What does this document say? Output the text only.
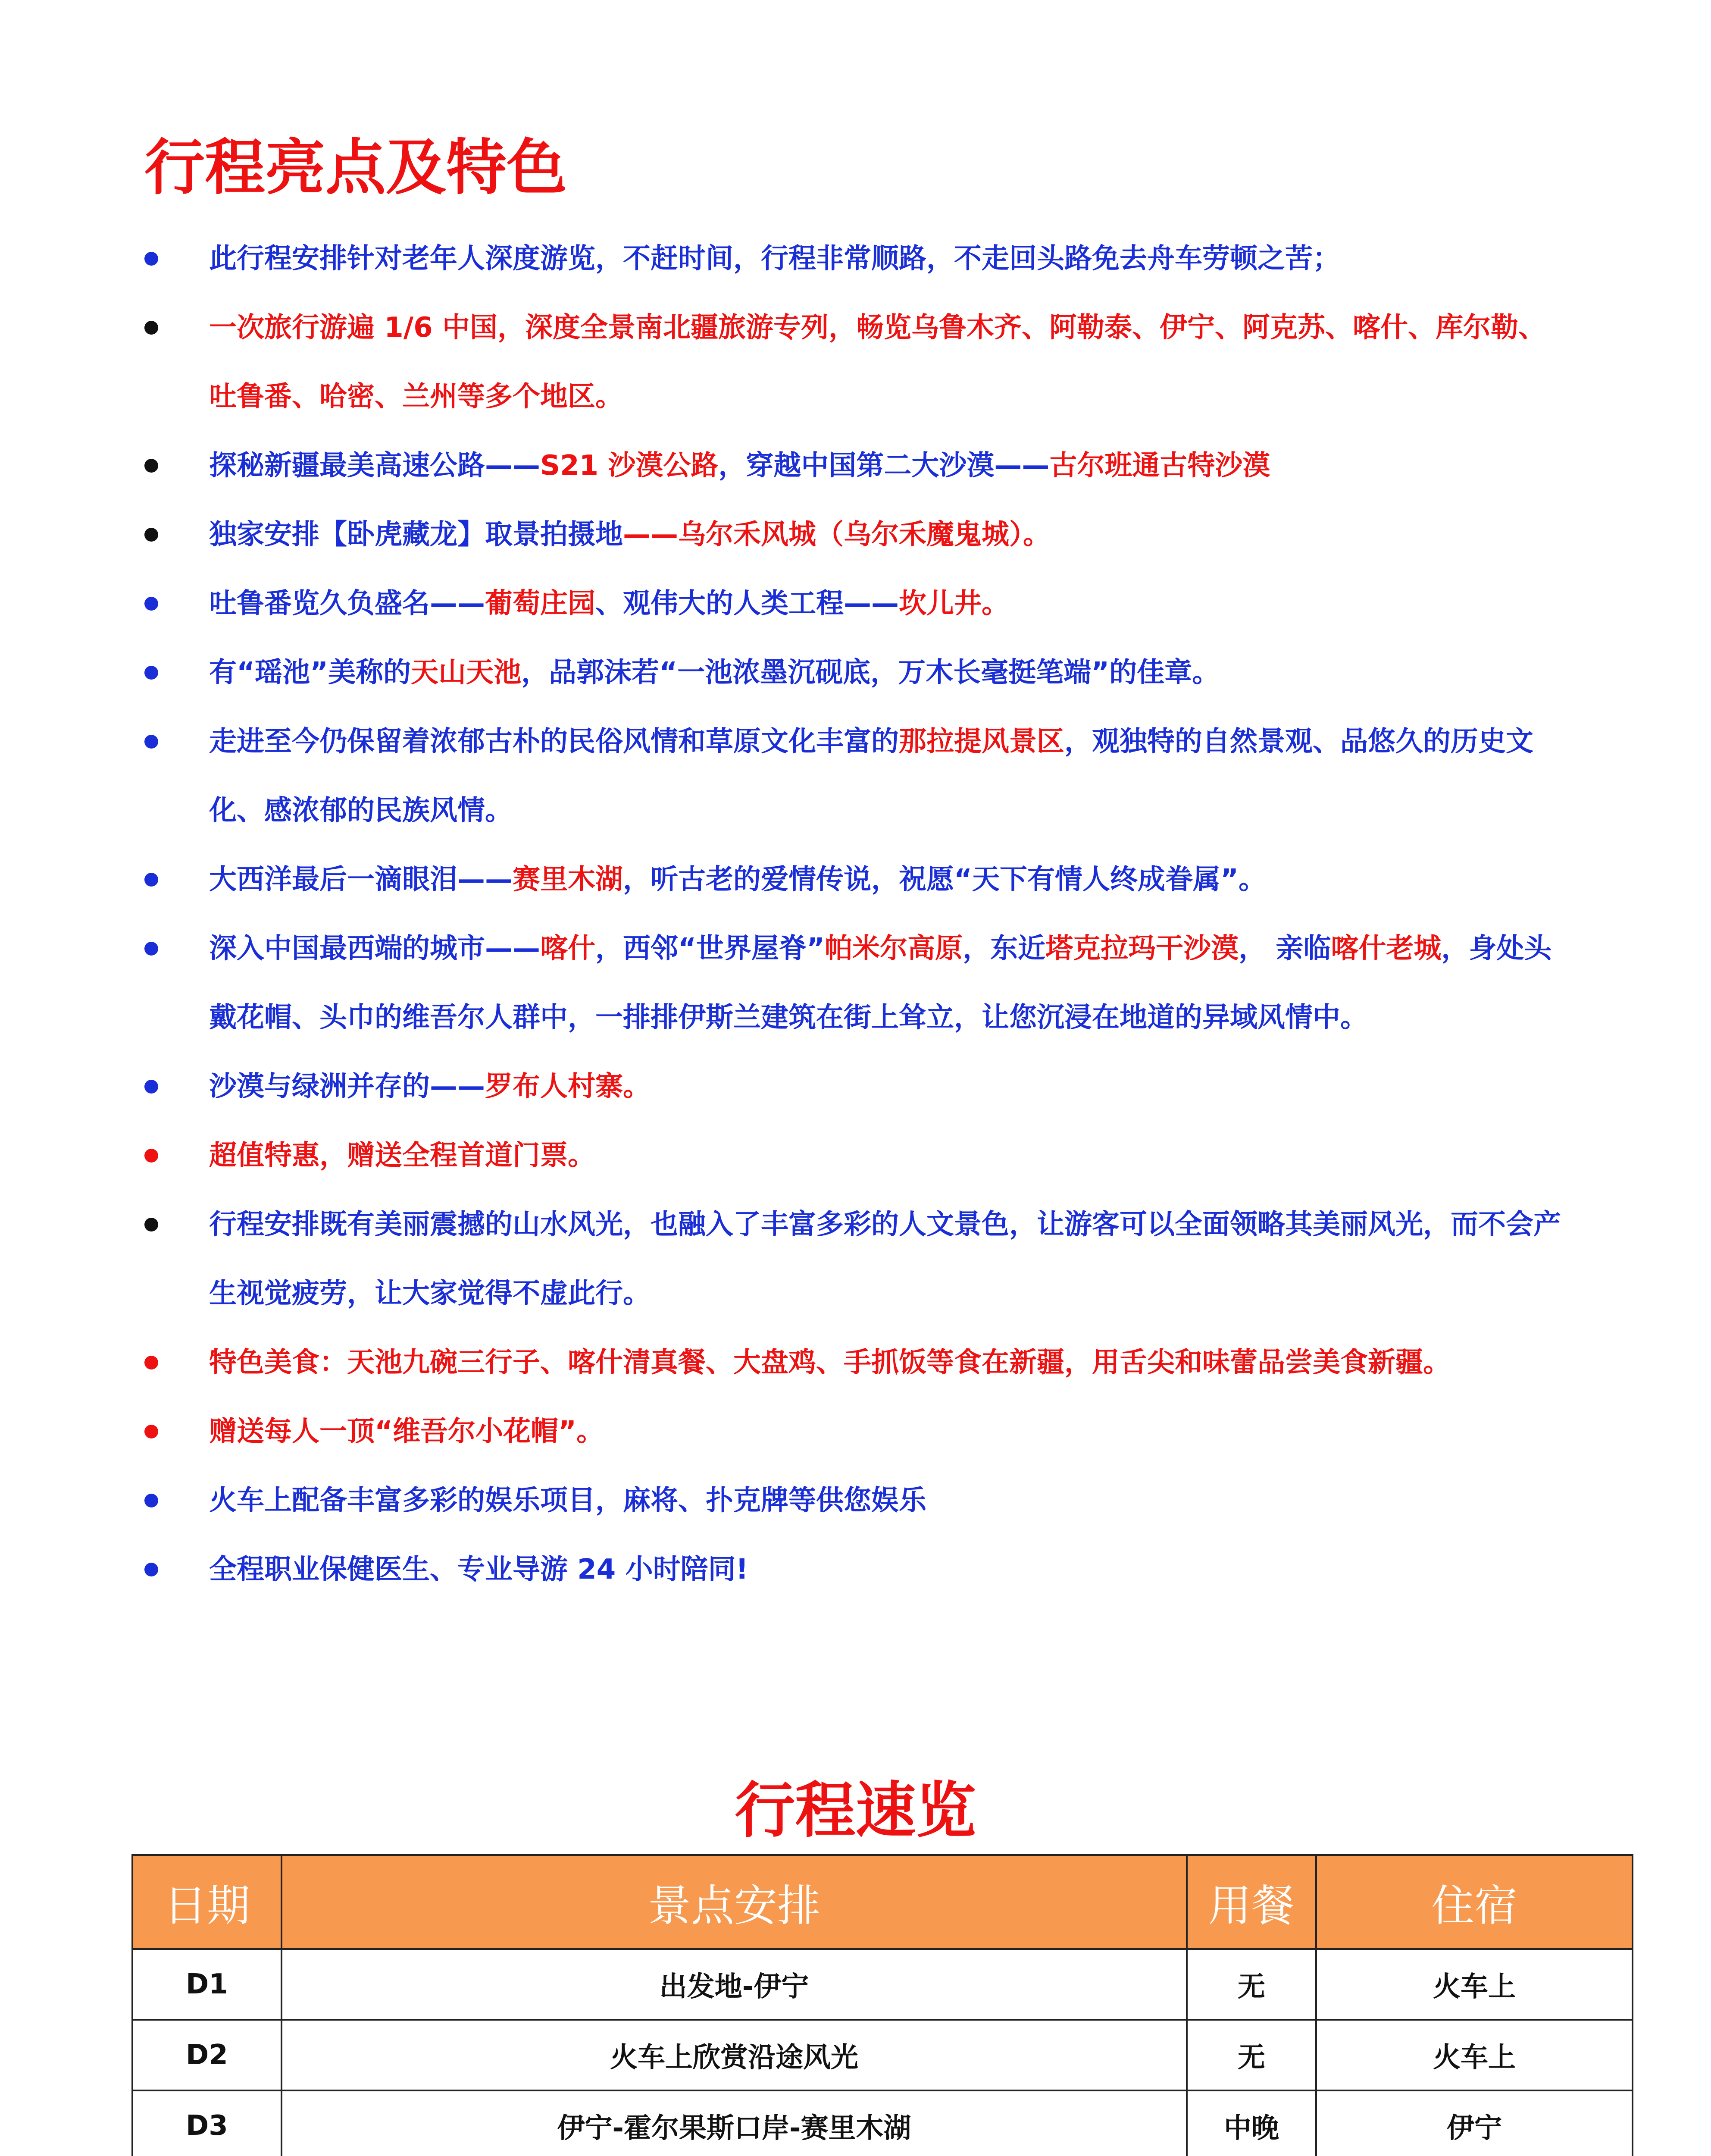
行程亮点及特色
此行程安排针对老年人深度游览，不赶时间，行程非常顺路，不走回头路免去舟车劳顿之苦；
一次旅行游遍 1/6 中国，深度全景南北疆旅游专列，畅览乌鲁木齐、阿勒泰、伊宁、阿克苏、喀什、库尔勒、吐鲁番、哈密、兰州等多个地区。
探秘新疆最美高速公路——S21 沙漠公路，穿越中国第二大沙漠——古尔班通古特沙漠
独家安排【卧虎藏龙】取景拍摄地——乌尔禾风城（乌尔禾魔鬼城）。
吐鲁番览久负盛名——葡萄庄园、观伟大的人类工程——坎儿井。
有“瑶池”美称的天山天池，品郭沫若“一池浓墨沉砚底，万木长毫挺笔端”的佳章。
走进至今仍保留着浓郁古朴的民俗风情和草原文化丰富的那拉提风景区，观独特的自然景观、品悠久的历史文化、感浓郁的民族风情。
大西洋最后一滴眼泪——赛里木湖，听古老的爱情传说，祝愿“天下有情人终成眷属”。
深入中国最西端的城市——喀什，西邻“世界屋脊”帕米尔高原，东近塔克拉玛干沙漠， 亲临喀什老城，身处头戴花帽、头巾的维吾尔人群中，一排排伊斯兰建筑在街上耸立，让您沉浸在地道的异域风情中。
沙漠与绿洲并存的——罗布人村寨。
超值特惠，赠送全程首道门票。
行程安排既有美丽震撼的山水风光，也融入了丰富多彩的人文景色，让游客可以全面领略其美丽风光，而不会产生视觉疲劳，让大家觉得不虚此行。
特色美食：天池九碗三行子、喀什清真餐、大盘鸡、手抓饭等食在新疆，用舌尖和味蕾品尝美食新疆。
赠送每人一顶“维吾尔小花帽”。
火车上配备丰富多彩的娱乐项目，麻将、扑克牌等供您娱乐
全程职业保健医生、专业导游 24 小时陪同!
行程速览
日期	景点安排	用餐	住宿
D1	出发地-伊宁	无	火车上
D2	火车上欣赏沿途风光	无	火车上
D3	伊宁-霍尔果斯口岸-赛里木湖	中晚	伊宁
